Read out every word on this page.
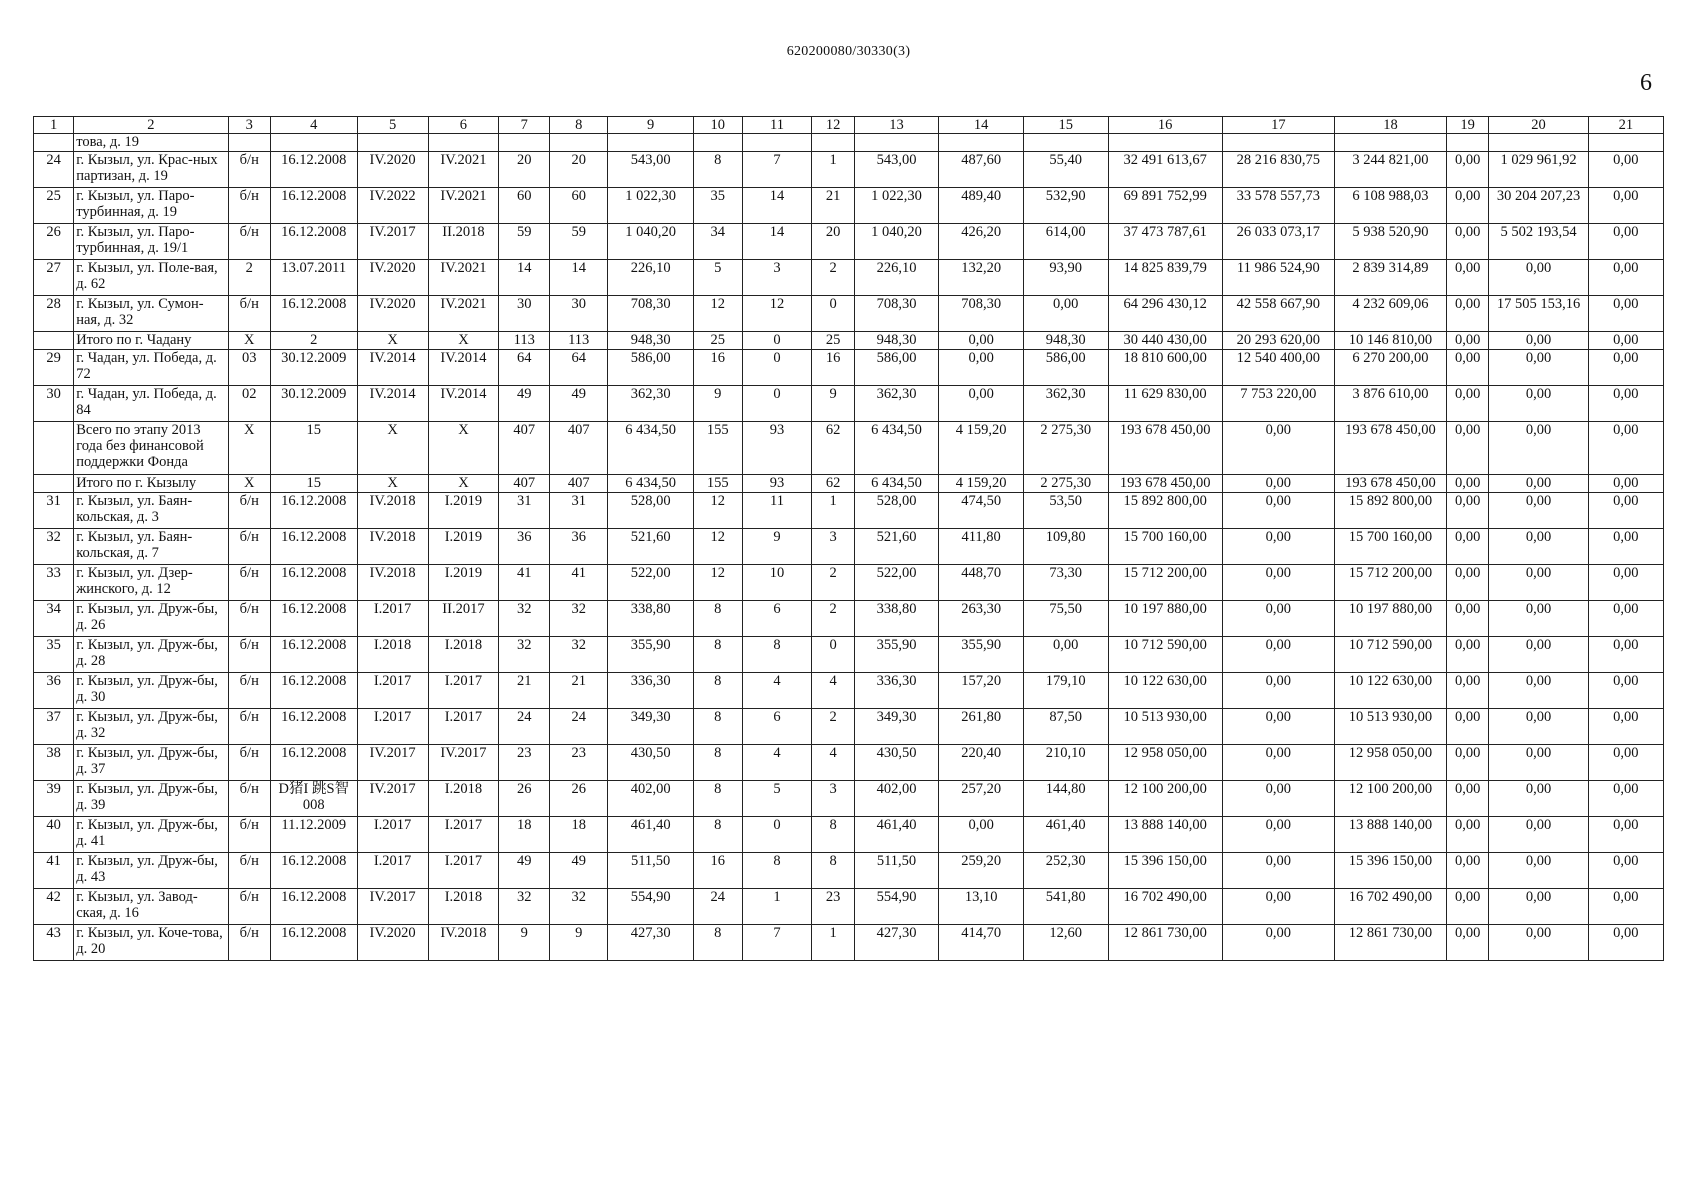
620200080/30330(3)
6
1	2	3	4	5	6	7	8	9	10	11	12	13	14	15	16	17	18	19	20	21
	това, д. 19																			
24	г. Кызыл, ул. Крас-ных партизан, д. 19	б/н	16.12.2008	IV.2020	IV.2021	20	20	543,00	8	7	1	543,00	487,60	55,40	32 491 613,67	28 216 830,75	3 244 821,00	0,00	1 029 961,92	0,00
25	г. Кызыл, ул. Паро-турбинная, д. 19	б/н	16.12.2008	IV.2022	IV.2021	60	60	1 022,30	35	14	21	1 022,30	489,40	532,90	69 891 752,99	33 578 557,73	6 108 988,03	0,00	30 204 207,23	0,00
26	г. Кызыл, ул. Паро-турбинная, д. 19/1	б/н	16.12.2008	IV.2017	II.2018	59	59	1 040,20	34	14	20	1 040,20	426,20	614,00	37 473 787,61	26 033 073,17	5 938 520,90	0,00	5 502 193,54	0,00
27	г. Кызыл, ул. Поле-вая, д. 62	2	13.07.2011	IV.2020	IV.2021	14	14	226,10	5	3	2	226,10	132,20	93,90	14 825 839,79	11 986 524,90	2 839 314,89	0,00	0,00	0,00
28	г. Кызыл, ул. Сумон-ная, д. 32	б/н	16.12.2008	IV.2020	IV.2021	30	30	708,30	12	12	0	708,30	708,30	0,00	64 296 430,12	42 558 667,90	4 232 609,06	0,00	17 505 153,16	0,00
	Итого по г. Чадану	X	2	X	X	113	113	948,30	25	0	25	948,30	0,00	948,30	30 440 430,00	20 293 620,00	10 146 810,00	0,00	0,00	0,00
29	г. Чадан, ул. Победа, д. 72	03	30.12.2009	IV.2014	IV.2014	64	64	586,00	16	0	16	586,00	0,00	586,00	18 810 600,00	12 540 400,00	6 270 200,00	0,00	0,00	0,00
30	г. Чадан, ул. Победа, д. 84	02	30.12.2009	IV.2014	IV.2014	49	49	362,30	9	0	9	362,30	0,00	362,30	11 629 830,00	7 753 220,00	3 876 610,00	0,00	0,00	0,00
	Всего по этапу 2013 года без финансовой поддержки Фонда	X	15	X	X	407	407	6 434,50	155	93	62	6 434,50	4 159,20	2 275,30	193 678 450,00	0,00	193 678 450,00	0,00	0,00	0,00
	Итого по г. Кызылу	X	15	X	X	407	407	6 434,50	155	93	62	6 434,50	4 159,20	2 275,30	193 678 450,00	0,00	193 678 450,00	0,00	0,00	0,00
31	г. Кызыл, ул. Баян-кольская, д. 3	б/н	16.12.2008	IV.2018	I.2019	31	31	528,00	12	11	1	528,00	474,50	53,50	15 892 800,00	0,00	15 892 800,00	0,00	0,00	0,00
32	г. Кызыл, ул. Баян-кольская, д. 7	б/н	16.12.2008	IV.2018	I.2019	36	36	521,60	12	9	3	521,60	411,80	109,80	15 700 160,00	0,00	15 700 160,00	0,00	0,00	0,00
33	г. Кызыл, ул. Дзер-жинского, д. 12	б/н	16.12.2008	IV.2018	I.2019	41	41	522,00	12	10	2	522,00	448,70	73,30	15 712 200,00	0,00	15 712 200,00	0,00	0,00	0,00
34	г. Кызыл, ул. Друж-бы, д. 26	б/н	16.12.2008	I.2017	II.2017	32	32	338,80	8	6	2	338,80	263,30	75,50	10 197 880,00	0,00	10 197 880,00	0,00	0,00	0,00
35	г. Кызыл, ул. Друж-бы, д. 28	б/н	16.12.2008	I.2018	I.2018	32	32	355,90	8	8	0	355,90	355,90	0,00	10 712 590,00	0,00	10 712 590,00	0,00	0,00	0,00
36	г. Кызыл, ул. Друж-бы, д. 30	б/н	16.12.2008	I.2017	I.2017	21	21	336,30	8	4	4	336,30	157,20	179,10	10 122 630,00	0,00	10 122 630,00	0,00	0,00	0,00
37	г. Кызыл, ул. Друж-бы, д. 32	б/н	16.12.2008	I.2017	I.2017	24	24	349,30	8	6	2	349,30	261,80	87,50	10 513 930,00	0,00	10 513 930,00	0,00	0,00	0,00
38	г. Кызыл, ул. Друж-бы, д. 37	б/н	16.12.2008	IV.2017	IV.2017	23	23	430,50	8	4	4	430,50	220,40	210,10	12 958 050,00	0,00	12 958 050,00	0,00	0,00	0,00
39	г. Кызыл, ул. Друж-бы, д. 39	б/н	D猪I 跳S智 008	IV.2017	I.2018	26	26	402,00	8	5	3	402,00	257,20	144,80	12 100 200,00	0,00	12 100 200,00	0,00	0,00	0,00
40	г. Кызыл, ул. Друж-бы, д. 41	б/н	11.12.2009	I.2017	I.2017	18	18	461,40	8	0	8	461,40	0,00	461,40	13 888 140,00	0,00	13 888 140,00	0,00	0,00	0,00
41	г. Кызыл, ул. Друж-бы, д. 43	б/н	16.12.2008	I.2017	I.2017	49	49	511,50	16	8	8	511,50	259,20	252,30	15 396 150,00	0,00	15 396 150,00	0,00	0,00	0,00
42	г. Кызыл, ул. Завод-ская, д. 16	б/н	16.12.2008	IV.2017	I.2018	32	32	554,90	24	1	23	554,90	13,10	541,80	16 702 490,00	0,00	16 702 490,00	0,00	0,00	0,00
43	г. Кызыл, ул. Коче-това, д. 20	б/н	16.12.2008	IV.2020	IV.2018	9	9	427,30	8	7	1	427,30	414,70	12,60	12 861 730,00	0,00	12 861 730,00	0,00	0,00	0,00
